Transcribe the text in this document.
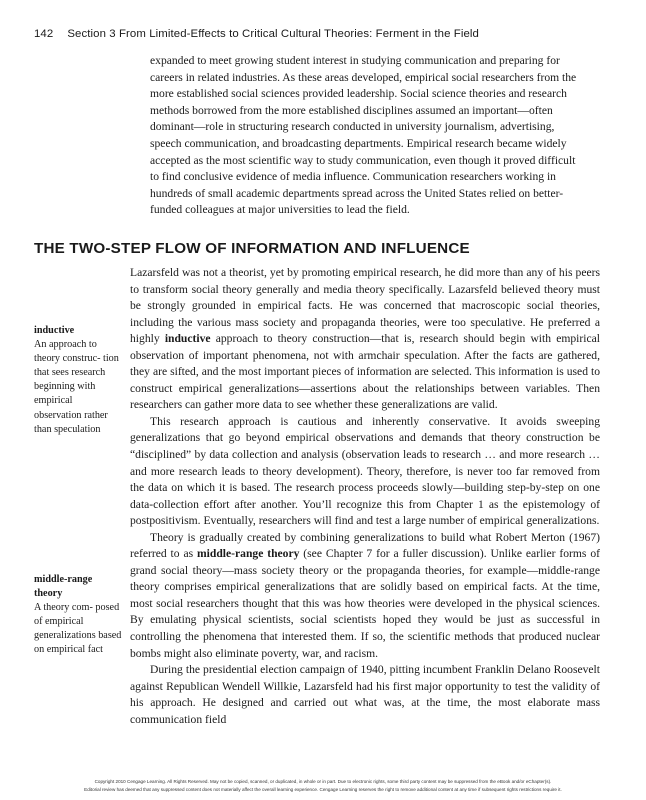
142 Section 3 From Limited-Effects to Critical Cultural Theories: Ferment in the Field
expanded to meet growing student interest in studying communication and preparing for careers in related industries. As these areas developed, empirical social researchers from the more established social sciences provided leadership. Social science theories and research methods borrowed from the more established disciplines assumed an important—often dominant—role in structuring research conducted in university journalism, advertising, speech communication, and broadcasting departments. Empirical research became widely accepted as the most scientific way to study communication, even though it proved difficult to find conclusive evidence of media influence. Communication researchers working in hundreds of small academic departments spread across the United States relied on better-funded colleagues at major universities to lead the field.
THE TWO-STEP FLOW OF INFORMATION AND INFLUENCE
inductive
An approach to theory construc- tion that sees research beginning with empirical observation rather than speculation
middle-range theory
A theory com- posed of empirical generalizations based on empirical fact

Lazarsfeld was not a theorist, yet by promoting empirical research, he did more than any of his peers to transform social theory generally and media theory specifically. Lazarsfeld believed theory must be strongly grounded in empirical facts. He was concerned that macroscopic social theories, including the various mass society and propaganda theories, were too speculative. He preferred a highly inductive approach to theory construction—that is, research should begin with empirical observation of important phenomena, not with armchair speculation. After the facts are gathered, they are sifted, and the most important pieces of information are selected. This information is used to construct empirical generalizations—assertions about the relationships between variables. Then researchers can gather more data to see whether these generalizations are valid.

This research approach is cautious and inherently conservative. It avoids sweeping generalizations that go beyond empirical observations and demands that theory construction be “disciplined” by data collection and analysis (observation leads to research … and more research … and more research leads to theory development). Theory, therefore, is never too far removed from the data on which it is based. The research process proceeds slowly—building step-by-step on one data-collection effort after another. You’ll recognize this from Chapter 1 as the epistemology of postpositivism. Eventually, researchers will find and test a large number of empirical generalizations.

Theory is gradually created by combining generalizations to build what Robert Merton (1967) referred to as middle-range theory (see Chapter 7 for a fuller discussion). Unlike earlier forms of grand social theory—mass society theory or the propaganda theories, for example—middle-range theory comprises empirical generalizations that are solidly based on empirical facts. At the time, most social researchers thought that this was how theories were developed in the physical sciences. By emulating physical scientists, social scientists hoped they would be just as successful in controlling the phenomena that interested them. If so, the scientific methods that produced nuclear bombs might also eliminate poverty, war, and racism.

During the presidential election campaign of 1940, pitting incumbent Franklin Delano Roosevelt against Republican Wendell Willkie, Lazarsfeld had his first major opportunity to test the validity of his approach. He designed and carried out what was, at the time, the most elaborate mass communication field

Copyright 2010 Cengage Learning. All Rights Reserved. May not be copied, scanned, or duplicated, in whole or in part. Due to electronic rights, some third party content may be suppressed from the eBook and/or eChapter(s).
Editorial review has deemed that any suppressed content does not materially affect the overall learning experience. Cengage Learning reserves the right to remove additional content at any time if subsequent rights restrictions require it.
